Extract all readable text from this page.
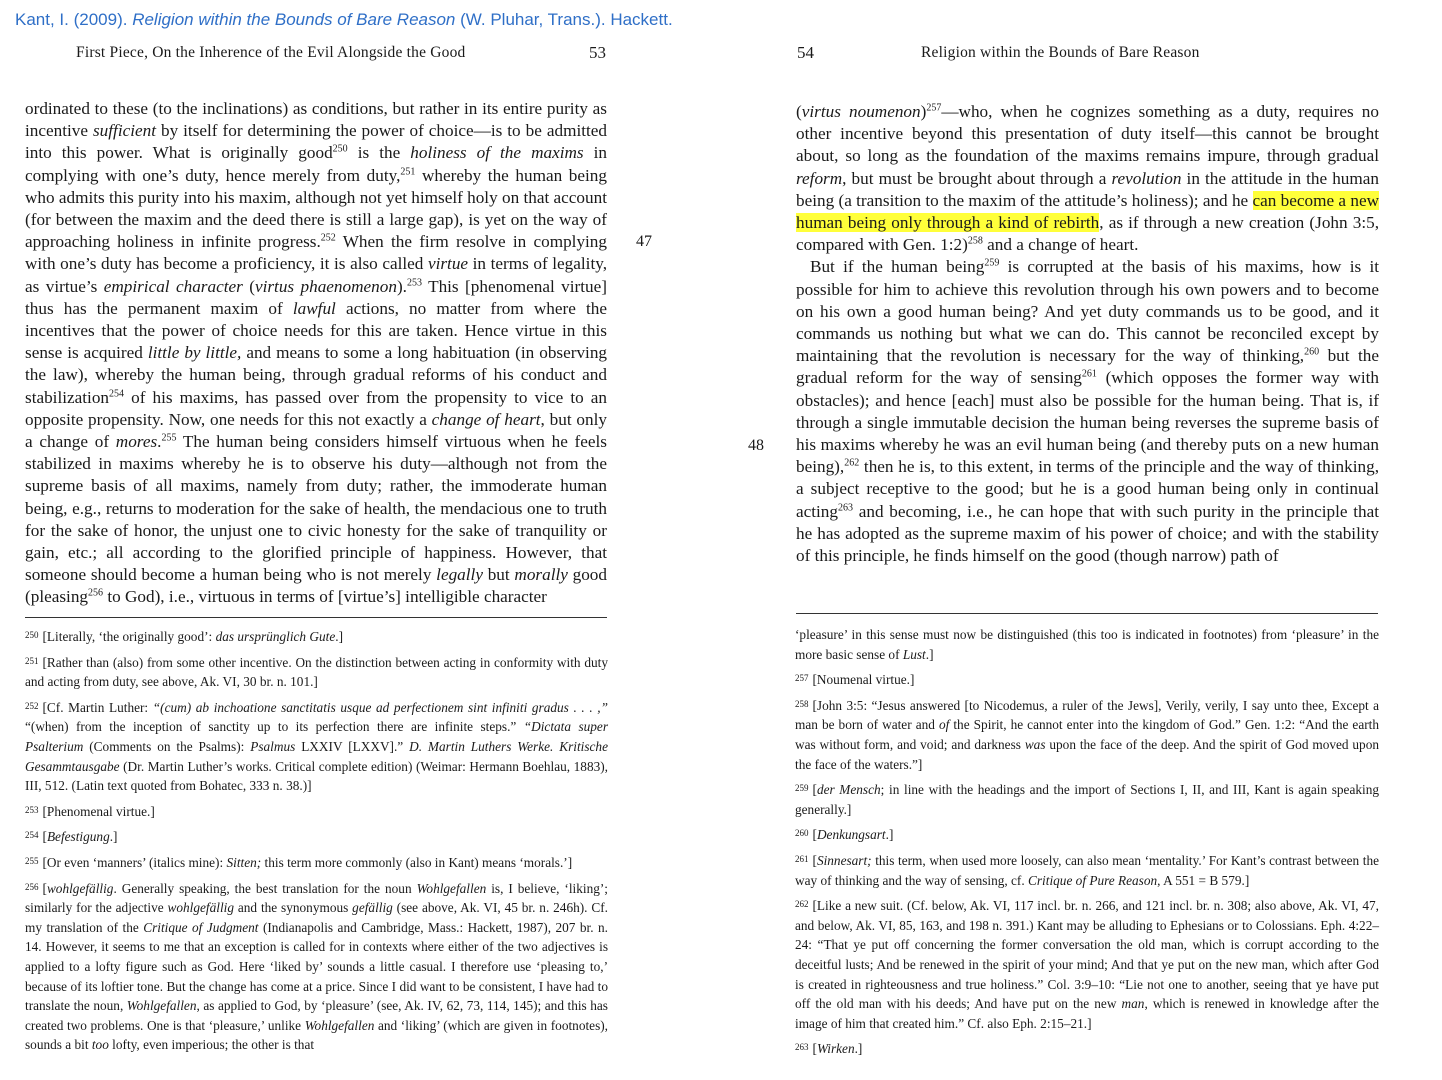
Kant, I. (2009). Religion within the Bounds of Bare Reason (W. Pluhar, Trans.). Hackett.
First Piece, On the Inherence of the Evil Alongside the Good	53	54	Religion within the Bounds of Bare Reason
47
48

ordinated to these (to the inclinations) as conditions, but rather in its entire purity as incentive sufficient by itself for determining the power of choice—is to be admitted into this power. What is originally good$^{250}$ is the holiness of the maxims in complying with one’s duty, hence merely from duty,$^{251}$ whereby the human being who admits this purity into his maxim, although not yet himself holy on that account (for between the maxim and the deed there is still a large gap), is yet on the way of approaching holiness in infinite progress.$^{252}$ When the firm resolve in complying with one’s duty has become a proficiency, it is also called virtue in terms of legality, as virtue’s empirical character (virtus phaenomenon).$^{253}$ This [phenomenal virtue] thus has the permanent maxim of lawful actions, no matter from where the incentives that the power of choice needs for this are taken. Hence virtue in this sense is acquired little by little, and means to some a long habituation (in observing the law), whereby the human being, through gradual reforms of his conduct and stabilization$^{254}$ of his maxims, has passed over from the propensity to vice to an opposite propensity. Now, one needs for this not exactly a change of heart, but only a change of mores.$^{255}$ The human being considers himself virtuous when he feels stabilized in maxims whereby he is to observe his duty—although not from the supreme basis of all maxims, namely from duty; rather, the immoderate human being, e.g., returns to moderation for the sake of health, the mendacious one to truth for the sake of honor, the unjust one to civic honesty for the sake of tranquility or gain, etc.; all according to the glorified principle of happiness. However, that someone should become a human being who is not merely legally but morally good (pleasing$^{256}$ to God), i.e., virtuous in terms of [virtue’s] intelligible character

$^{250}$ [Literally, ‘the originally good’: das ursprünglich Gute.]

$^{251}$ [Rather than (also) from some other incentive. On the distinction between acting in conformity with duty and acting from duty, see above, Ak. VI, 30 br. n. 101.]

$^{252}$ [Cf. Martin Luther: “(cum) ab inchoatione sanctitatis usque ad perfectionem sint infiniti gradus . . . ,” “(when) from the inception of sanctity up to its perfection there are infinite steps.” “Dictata super Psalterium (Comments on the Psalms): Psalmus LXXIV [LXXV].” D. Martin Luthers Werke. Kritische Gesammtausgabe (Dr. Martin Luther’s works. Critical complete edition) (Weimar: Hermann Boehlau, 1883), III, 512. (Latin text quoted from Bohatec, 333 n. 38.)]

$^{253}$ [Phenomenal virtue.]

$^{254}$ [Befestigung.]

$^{255}$ [Or even ‘manners’ (italics mine): Sitten; this term more commonly (also in Kant) means ‘morals.’]

$^{256}$ [wohlgefällig. Generally speaking, the best translation for the noun Wohlgefallen is, I believe, ‘liking’; similarly for the adjective wohlgefällig and the synonymous gefällig (see above, Ak. VI, 45 br. n. 246h). Cf. my translation of the Critique of Judgment (Indianapolis and Cambridge, Mass.: Hackett, 1987), 207 br. n. 14. However, it seems to me that an exception is called for in contexts where either of the two adjectives is applied to a lofty figure such as God. Here ‘liked by’ sounds a little casual. I therefore use ‘pleasing to,’ because of its loftier tone. But the change has come at a price. Since I did want to be consistent, I have had to translate the noun, Wohlgefallen, as applied to God, by ‘pleasure’ (see, Ak. IV, 62, 73, 114, 145); and this has created two problems. One is that ‘pleasure,’ unlike Wohlgefallen and ‘liking’ (which are given in footnotes), sounds a bit too lofty, even imperious; the other is that

(virtus noumenon)$^{257}$—who, when he cognizes something as a duty, requires no other incentive beyond this presentation of duty itself—this cannot be brought about, so long as the foundation of the maxims remains impure, through gradual reform, but must be brought about through a revolution in the attitude in the human being (a transition to the maxim of the attitude’s holiness); and he can become a new human being only through a kind of rebirth, as if through a new creation (John 3:5, compared with Gen. 1:2)$^{258}$ and a change of heart.

But if the human being$^{259}$ is corrupted at the basis of his maxims, how is it possible for him to achieve this revolution through his own powers and to become on his own a good human being? And yet duty commands us to be good, and it commands us nothing but what we can do. This cannot be reconciled except by maintaining that the revolution is necessary for the way of thinking,$^{260}$ but the gradual reform for the way of sensing$^{261}$ (which opposes the former way with obstacles); and hence [each] must also be possible for the human being. That is, if through a single immutable decision the human being reverses the supreme basis of his maxims whereby he was an evil human being (and thereby puts on a new human being),$^{262}$ then he is, to this extent, in terms of the principle and the way of thinking, a subject receptive to the good; but he is a good human being only in continual acting$^{263}$ and becoming, i.e., he can hope that with such purity in the principle that he has adopted as the supreme maxim of his power of choice; and with the stability of this principle, he finds himself on the good (though narrow) path of

‘pleasure’ in this sense must now be distinguished (this too is indicated in footnotes) from ‘pleasure’ in the more basic sense of Lust.]

$^{257}$ [Noumenal virtue.]

$^{258}$ [John 3:5: “Jesus answered [to Nicodemus, a ruler of the Jews], Verily, verily, I say unto thee, Except a man be born of water and of the Spirit, he cannot enter into the kingdom of God.” Gen. 1:2: “And the earth was without form, and void; and darkness was upon the face of the deep. And the spirit of God moved upon the face of the waters.”]

$^{259}$ [der Mensch; in line with the headings and the import of Sections I, II, and III, Kant is again speaking generally.]

$^{260}$ [Denkungsart.]

$^{261}$ [Sinnesart; this term, when used more loosely, can also mean ‘mentality.’ For Kant’s contrast between the way of thinking and the way of sensing, cf. Critique of Pure Reason, A 551 = B 579.]

$^{262}$ [Like a new suit. (Cf. below, Ak. VI, 117 incl. br. n. 266, and 121 incl. br. n. 308; also above, Ak. VI, 47, and below, Ak. VI, 85, 163, and 198 n. 391.) Kant may be alluding to Ephesians or to Colossians. Eph. 4:22–24: “That ye put off concerning the former conversation the old man, which is corrupt according to the deceitful lusts; And be renewed in the spirit of your mind; And that ye put on the new man, which after God is created in righteousness and true holiness.” Col. 3:9–10: “Lie not one to another, seeing that ye have put off the old man with his deeds; And have put on the new man, which is renewed in knowledge after the image of him that created him.” Cf. also Eph. 2:15–21.]

$^{263}$ [Wirken.]
